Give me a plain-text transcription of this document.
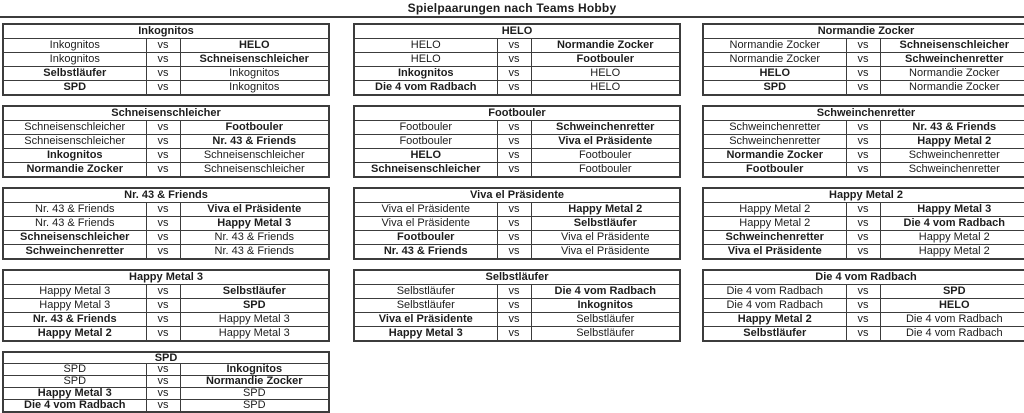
Spielpaarungen nach Teams Hobby
Inkognitos		
Inkognitos	vs	HELO
Inkognitos	vs	Schneisenschleicher
Selbstläufer	vs	Inkognitos
SPD	vs	Inkognitos
HELO		
HELO	vs	Normandie Zocker
HELO	vs	Footbouler
Inkognitos	vs	HELO
Die 4 vom Radbach	vs	HELO
Normandie Zocker		
Normandie Zocker	vs	Schneisenschleicher
Normandie Zocker	vs	Schweinchenretter
HELO	vs	Normandie Zocker
SPD	vs	Normandie Zocker
Schneisenschleicher		
Schneisenschleicher	vs	Footbouler
Schneisenschleicher	vs	Nr. 43 & Friends
Inkognitos	vs	Schneisenschleicher
Normandie Zocker	vs	Schneisenschleicher
Footbouler		
Footbouler	vs	Schweinchenretter
Footbouler	vs	Viva el Präsidente
HELO	vs	Footbouler
Schneisenschleicher	vs	Footbouler
Schweinchenretter		
Schweinchenretter	vs	Nr. 43 & Friends
Schweinchenretter	vs	Happy Metal 2
Normandie Zocker	vs	Schweinchenretter
Footbouler	vs	Schweinchenretter
Nr. 43 & Friends		
Nr. 43 & Friends	vs	Viva el Präsidente
Nr. 43 & Friends	vs	Happy Metal 3
Schneisenschleicher	vs	Nr. 43 & Friends
Schweinchenretter	vs	Nr. 43 & Friends
Viva el Präsidente		
Viva el Präsidente	vs	Happy Metal 2
Viva el Präsidente	vs	Selbstläufer
Footbouler	vs	Viva el Präsidente
Nr. 43 & Friends	vs	Viva el Präsidente
Happy Metal 2		
Happy Metal 2	vs	Happy Metal 3
Happy Metal 2	vs	Die 4 vom Radbach
Schweinchenretter	vs	Happy Metal 2
Viva el Präsidente	vs	Happy Metal 2
Happy Metal 3		
Happy Metal 3	vs	Selbstläufer
Happy Metal 3	vs	SPD
Nr. 43 & Friends	vs	Happy Metal 3
Happy Metal 2	vs	Happy Metal 3
Selbstläufer		
Selbstläufer	vs	Die 4 vom Radbach
Selbstläufer	vs	Inkognitos
Viva el Präsidente	vs	Selbstläufer
Happy Metal 3	vs	Selbstläufer
Die 4 vom Radbach		
Die 4 vom Radbach	vs	SPD
Die 4 vom Radbach	vs	HELO
Happy Metal 2	vs	Die 4 vom Radbach
Selbstläufer	vs	Die 4 vom Radbach
SPD		
SPD	vs	Inkognitos
SPD	vs	Normandie Zocker
Happy Metal 3	vs	SPD
Die 4 vom Radbach	vs	SPD
